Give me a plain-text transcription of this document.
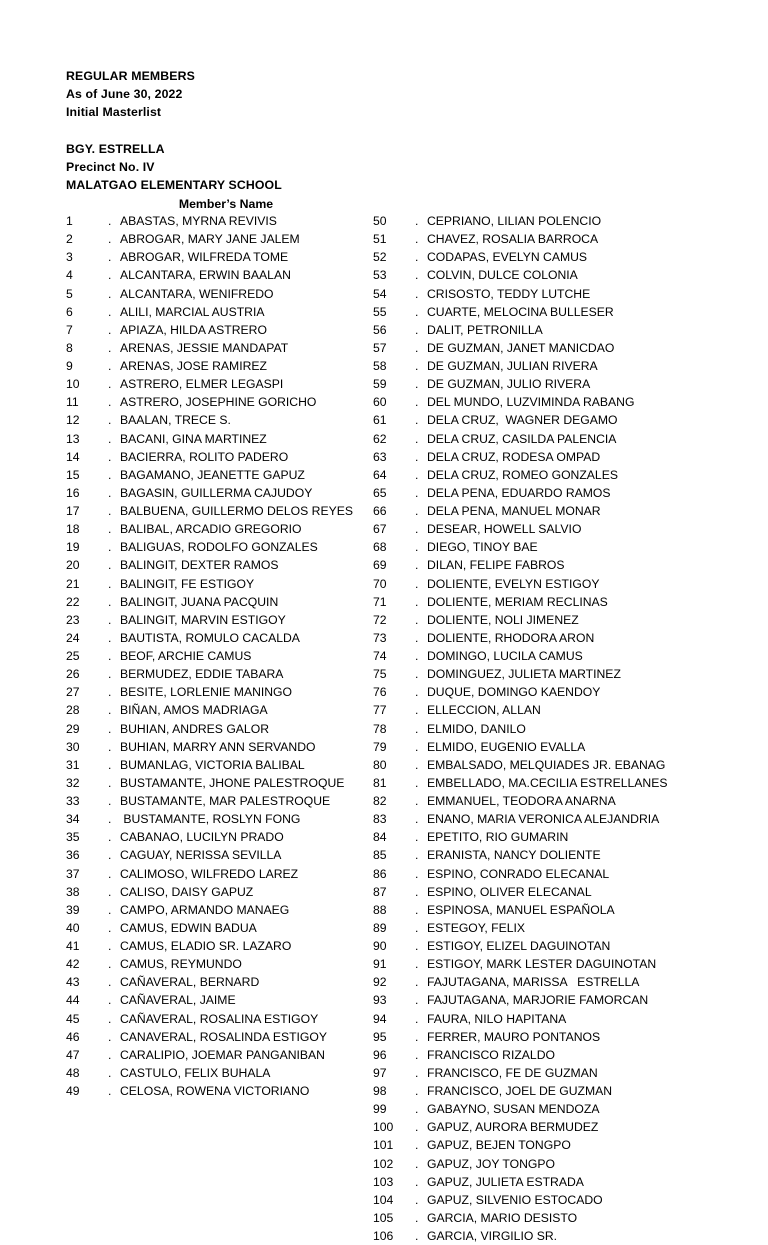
REGULAR MEMBERS
As of June 30, 2022
Initial Masterlist
BGY. ESTRELLA
Precinct No. IV
MALATGAO ELEMENTARY SCHOOL
Member’s Name
1	. ABASTAS, MYRNA REVIVIS
2	. ABROGAR, MARY JANE JALEM
3	. ABROGAR, WILFREDA TOME
4	. ALCANTARA, ERWIN BAALAN
5	. ALCANTARA, WENIFREDO
6	. ALILI, MARCIAL AUSTRIA
7	. APIAZA, HILDA ASTRERO
8	. ARENAS, JESSIE MANDAPAT
9	. ARENAS, JOSE RAMIREZ
10	. ASTRERO, ELMER LEGASPI
11	. ASTRERO, JOSEPHINE GORICHO
12	. BAALAN, TRECE S.
13	. BACANI, GINA MARTINEZ
14	. BACIERRA, ROLITO PADERO
15	. BAGAMANO, JEANETTE GAPUZ
16	. BAGASIN, GUILLERMA CAJUDOY
17	. BALBUENA, GUILLERMO DELOS REYES
18	. BALIBAL, ARCADIO GREGORIO
19	. BALIGUAS, RODOLFO GONZALES
20	. BALINGIT, DEXTER RAMOS
21	. BALINGIT, FE ESTIGOY
22	. BALINGIT, JUANA PACQUIN
23	. BALINGIT, MARVIN ESTIGOY
24	. BAUTISTA, ROMULO CACALDA
25	. BEOF, ARCHIE CAMUS
26	. BERMUDEZ, EDDIE TABARA
27	. BESITE, LORLENIE MANINGO
28	. BIÑAN, AMOS MADRIAGA
29	. BUHIAN, ANDRES GALOR
30	. BUHIAN, MARRY ANN SERVANDO
31	. BUMANLAG, VICTORIA BALIBAL
32	. BUSTAMANTE, JHONE PALESTROQUE
33	. BUSTAMANTE, MAR PALESTROQUE
34	. BUSTAMANTE, ROSLYN FONG
35	. CABANAO, LUCILYN PRADO
36	. CAGUAY, NERISSA SEVILLA
37	. CALIMOSO, WILFREDO LAREZ
38	. CALISO, DAISY GAPUZ
39	. CAMPO, ARMANDO MANAEG
40	. CAMUS, EDWIN BADUA
41	. CAMUS, ELADIO SR. LAZARO
42	. CAMUS, REYMUNDO
43	. CAÑAVERAL, BERNARD
44	. CAÑAVERAL, JAIME
45	. CAÑAVERAL, ROSALINA ESTIGOY
46	. CANAVERAL, ROSALINDA ESTIGOY
47	. CARALIPIO, JOEMAR PANGANIBAN
48	. CASTULO, FELIX BUHALA
49	. CELOSA, ROWENA VICTORIANO
50	. CEPRIANO, LILIAN POLENCIO
51	. CHAVEZ, ROSALIA BARROCA
52	. CODAPAS, EVELYN CAMUS
53	. COLVIN, DULCE COLONIA
54	. CRISOSTO, TEDDY LUTCHE
55	. CUARTE, MELOCINA BULLESER
56	. DALIT, PETRONILLA
57	. DE GUZMAN, JANET MANICDAO
58	. DE GUZMAN, JULIAN RIVERA
59	. DE GUZMAN, JULIO RIVERA
60	. DEL MUNDO, LUZVIMINDA RABANG
61	. DELA CRUZ,  WAGNER DEGAMO
62	. DELA CRUZ, CASILDA PALENCIA
63	. DELA CRUZ, RODESA OMPAD
64	. DELA CRUZ, ROMEO GONZALES
65	. DELA PENA, EDUARDO RAMOS
66	. DELA PENA, MANUEL MONAR
67	. DESEAR, HOWELL SALVIO
68	. DIEGO, TINOY BAE
69	. DILAN, FELIPE FABROS
70	. DOLIENTE, EVELYN ESTIGOY
71	. DOLIENTE, MERIAM RECLINAS
72	. DOLIENTE, NOLI JIMENEZ
73	. DOLIENTE, RHODORA ARON
74	. DOMINGO, LUCILA CAMUS
75	. DOMINGUEZ, JULIETA MARTINEZ
76	. DUQUE, DOMINGO KAENDOY
77	. ELLECCION, ALLAN
78	. ELMIDO, DANILO
79	. ELMIDO, EUGENIO EVALLA
80	. EMBALSADO, MELQUIADES JR. EBANAG
81	. EMBELLADO, MA.CECILIA ESTRELLANES
82	. EMMANUEL, TEODORA ANARNA
83	. ENANO, MARIA VERONICA ALEJANDRIA
84	. EPETITO, RIO GUMARIN
85	. ERANISTA, NANCY DOLIENTE
86	. ESPINO, CONRADO ELECANAL
87	. ESPINO, OLIVER ELECANAL
88	. ESPINOSA, MANUEL ESPAÑOLA
89	. ESTEGOY, FELIX
90	. ESTIGOY, ELIZEL DAGUINOTAN
91	. ESTIGOY, MARK LESTER DAGUINOTAN
92	. FAJUTAGANA, MARISSA   ESTRELLA
93	. FAJUTAGANA, MARJORIE FAMORCAN
94	. FAURA, NILO HAPITANA
95	. FERRER, MAURO PONTANOS
96	. FRANCISCO RIZALDO
97	. FRANCISCO, FE DE GUZMAN
98	. FRANCISCO, JOEL DE GUZMAN
99	. GABAYNO, SUSAN MENDOZA
100	. GAPUZ, AURORA BERMUDEZ
101	. GAPUZ, BEJEN TONGPO
102	. GAPUZ, JOY TONGPO
103	. GAPUZ, JULIETA ESTRADA
104	. GAPUZ, SILVENIO ESTOCADO
105	. GARCIA, MARIO DESISTO
106	. GARCIA, VIRGILIO SR.
